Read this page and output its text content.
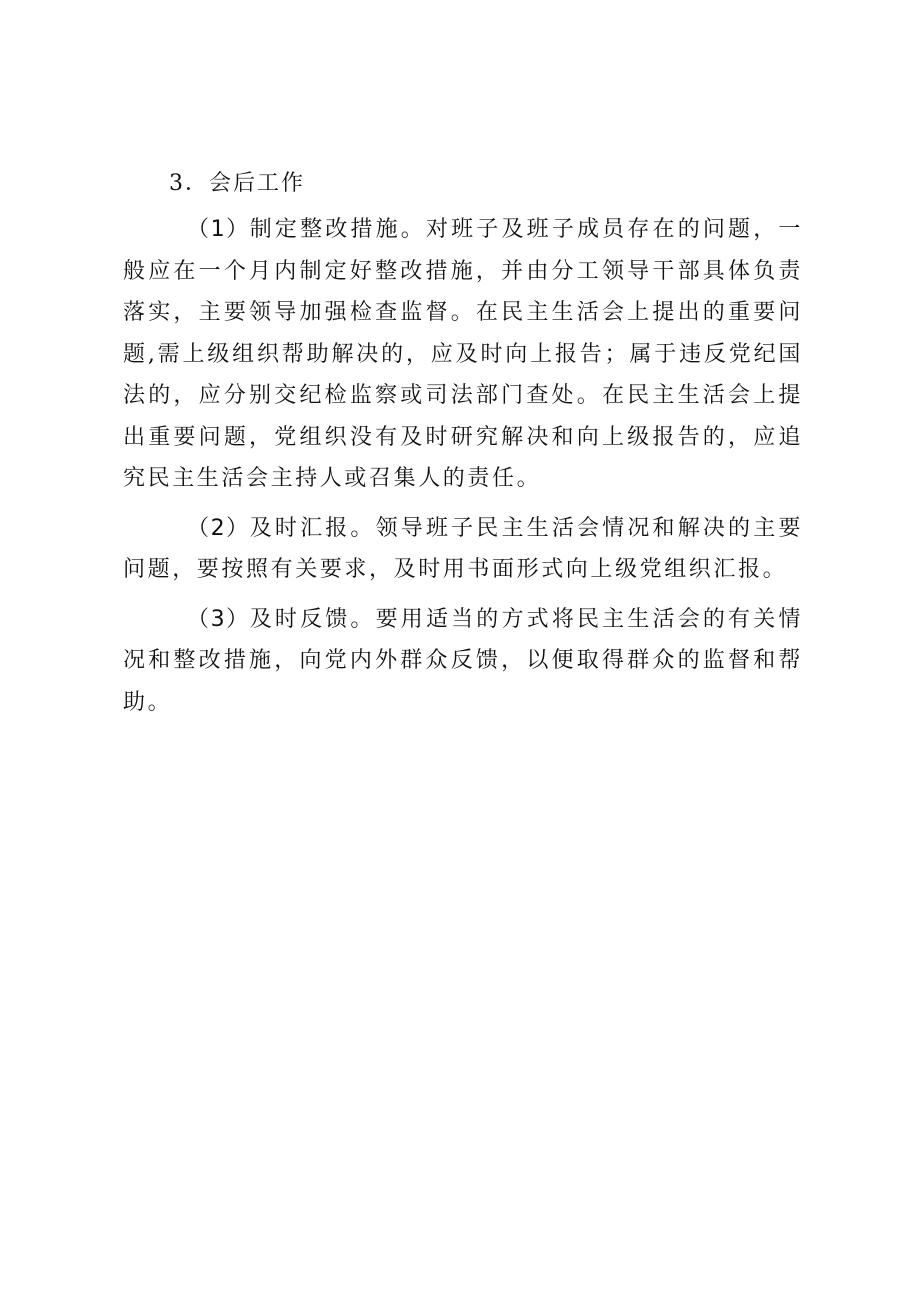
3．会后工作

（1）制定整改措施。对班子及班子成员存在的问题，一般应在一个月内制定好整改措施，并由分工领导干部具体负责落实，主要领导加强检查监督。在民主生活会上提出的重要问题,需上级组织帮助解决的，应及时向上报告；属于违反党纪国法的，应分别交纪检监察或司法部门查处。在民主生活会上提出重要问题，党组织没有及时研究解决和向上级报告的，应追究民主生活会主持人或召集人的责任。

（2）及时汇报。领导班子民主生活会情况和解决的主要问题，要按照有关要求，及时用书面形式向上级党组织汇报。

（3）及时反馈。要用适当的方式将民主生活会的有关情况和整改措施，向党内外群众反馈，以便取得群众的监督和帮助。
